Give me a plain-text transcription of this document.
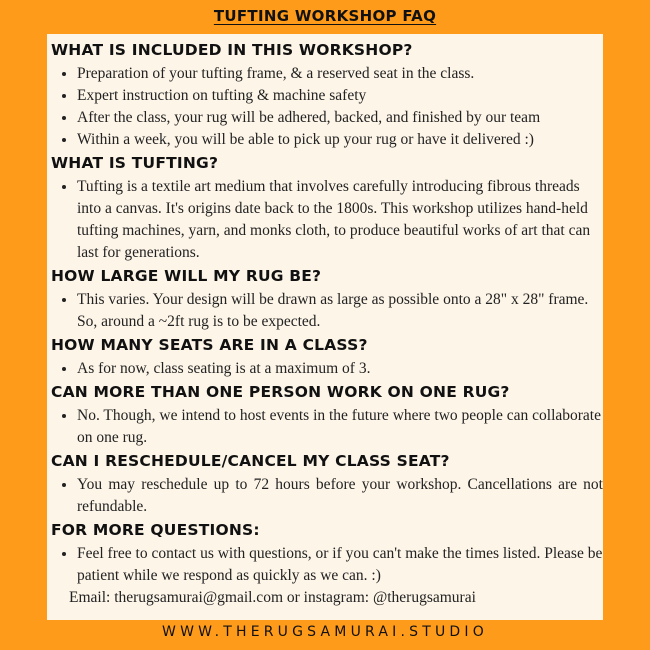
TUFTING WORKSHOP FAQ
WHAT IS INCLUDED IN THIS WORKSHOP?
• Preparation of your tufting frame, & a reserved seat in the class.
• Expert instruction on tufting & machine safety
• After the class, your rug will be adhered, backed, and finished by our team
• Within a week, you will be able to pick up your rug or have it delivered :)
WHAT IS TUFTING?
• Tufting is a textile art medium that involves carefully introducing fibrous threads into a canvas. It's origins date back to the 1800s. This workshop utilizes hand-held tufting machines, yarn, and monks cloth, to produce beautiful works of art that can last for generations.
HOW LARGE WILL MY RUG BE?
• This varies. Your design will be drawn as large as possible onto a 28" x 28" frame. So, around a ~2ft rug is to be expected.
HOW MANY SEATS ARE IN A CLASS?
• As for now, class seating is at a maximum of 3.
CAN MORE THAN ONE PERSON WORK ON ONE RUG?
• No. Though, we intend to host events in the future where two people can collaborate on one rug.
CAN I RESCHEDULE/CANCEL MY CLASS SEAT?
• You may reschedule up to 72 hours before your workshop. Cancellations are not refundable.
FOR MORE QUESTIONS:
• Feel free to contact us with questions, or if you can't make the times listed. Please be patient while we respond as quickly as we can. :)
Email: therugsamurai@gmail.com or instagram: @therugsamurai
WWW.THERUGSAMURAI.STUDIO
